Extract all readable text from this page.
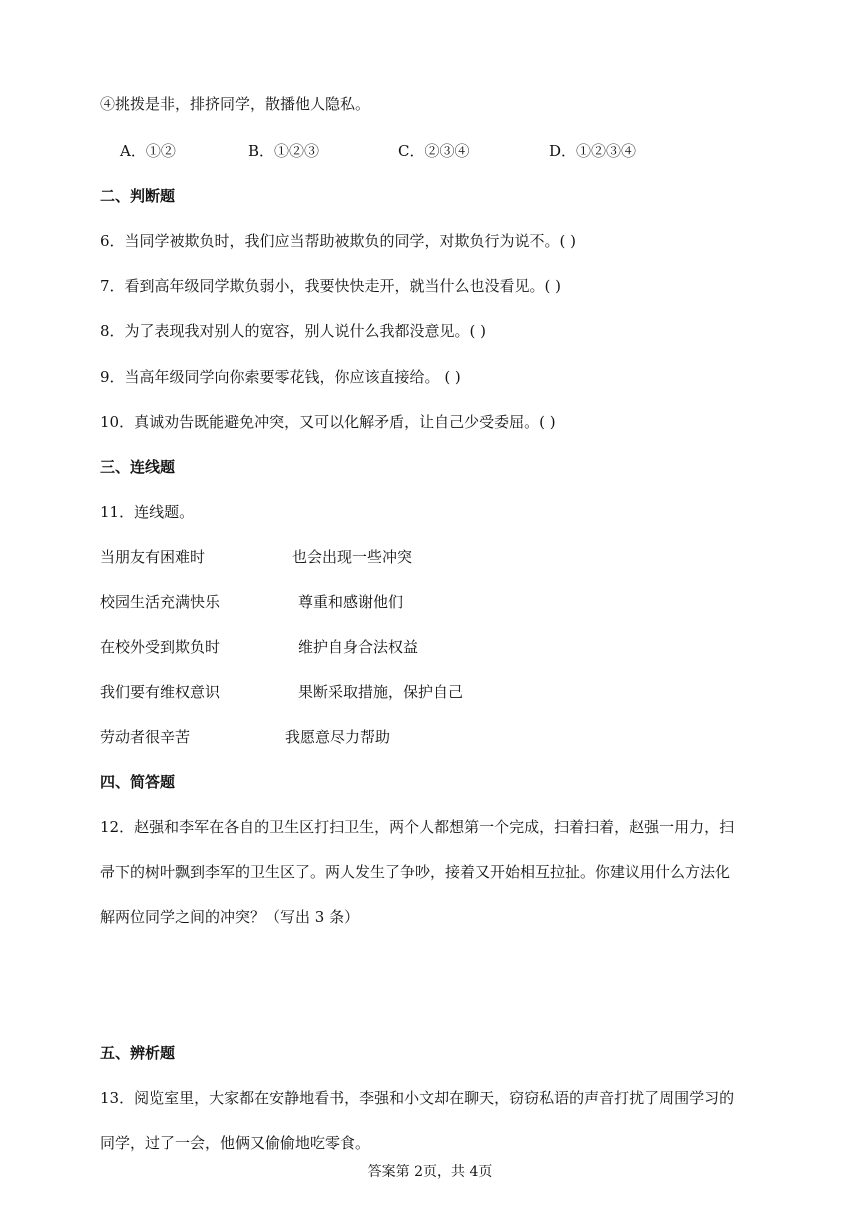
④挑拨是非，排挤同学，散播他人隐私。
A．①②	B．①②③	C．②③④	D．①②③④
二、判断题
6．当同学被欺负时，我们应当帮助被欺负的同学，对欺负行为说不。( )
7．看到高年级同学欺负弱小，我要快快走开，就当什么也没看见。( )
8．为了表现我对别人的宽容，别人说什么我都没意见。( )
9．当高年级同学向你索要零花钱，你应该直接给。 ( )
10．真诚劝告既能避免冲突，又可以化解矛盾，让自己少受委屈。( )
三、连线题
11．连线题。
当朋友有困难时	也会出现一些冲突
校园生活充满快乐	尊重和感谢他们
在校外受到欺负时	维护自身合法权益
我们要有维权意识	果断采取措施，保护自己
劳动者很辛苦	我愿意尽力帮助
四、简答题
12．赵强和李军在各自的卫生区打扫卫生，两个人都想第一个完成，扫着扫着，赵强一用力，扫
帚下的树叶飘到李军的卫生区了。两人发生了争吵，接着又开始相互拉扯。你建议用什么方法化
解两位同学之间的冲突？（写出 3 条）
五、辨析题
13．阅览室里，大家都在安静地看书，李强和小文却在聊天，窃窃私语的声音打扰了周围学习的
同学，过了一会，他俩又偷偷地吃零食。
答案第 2页，共 4页
